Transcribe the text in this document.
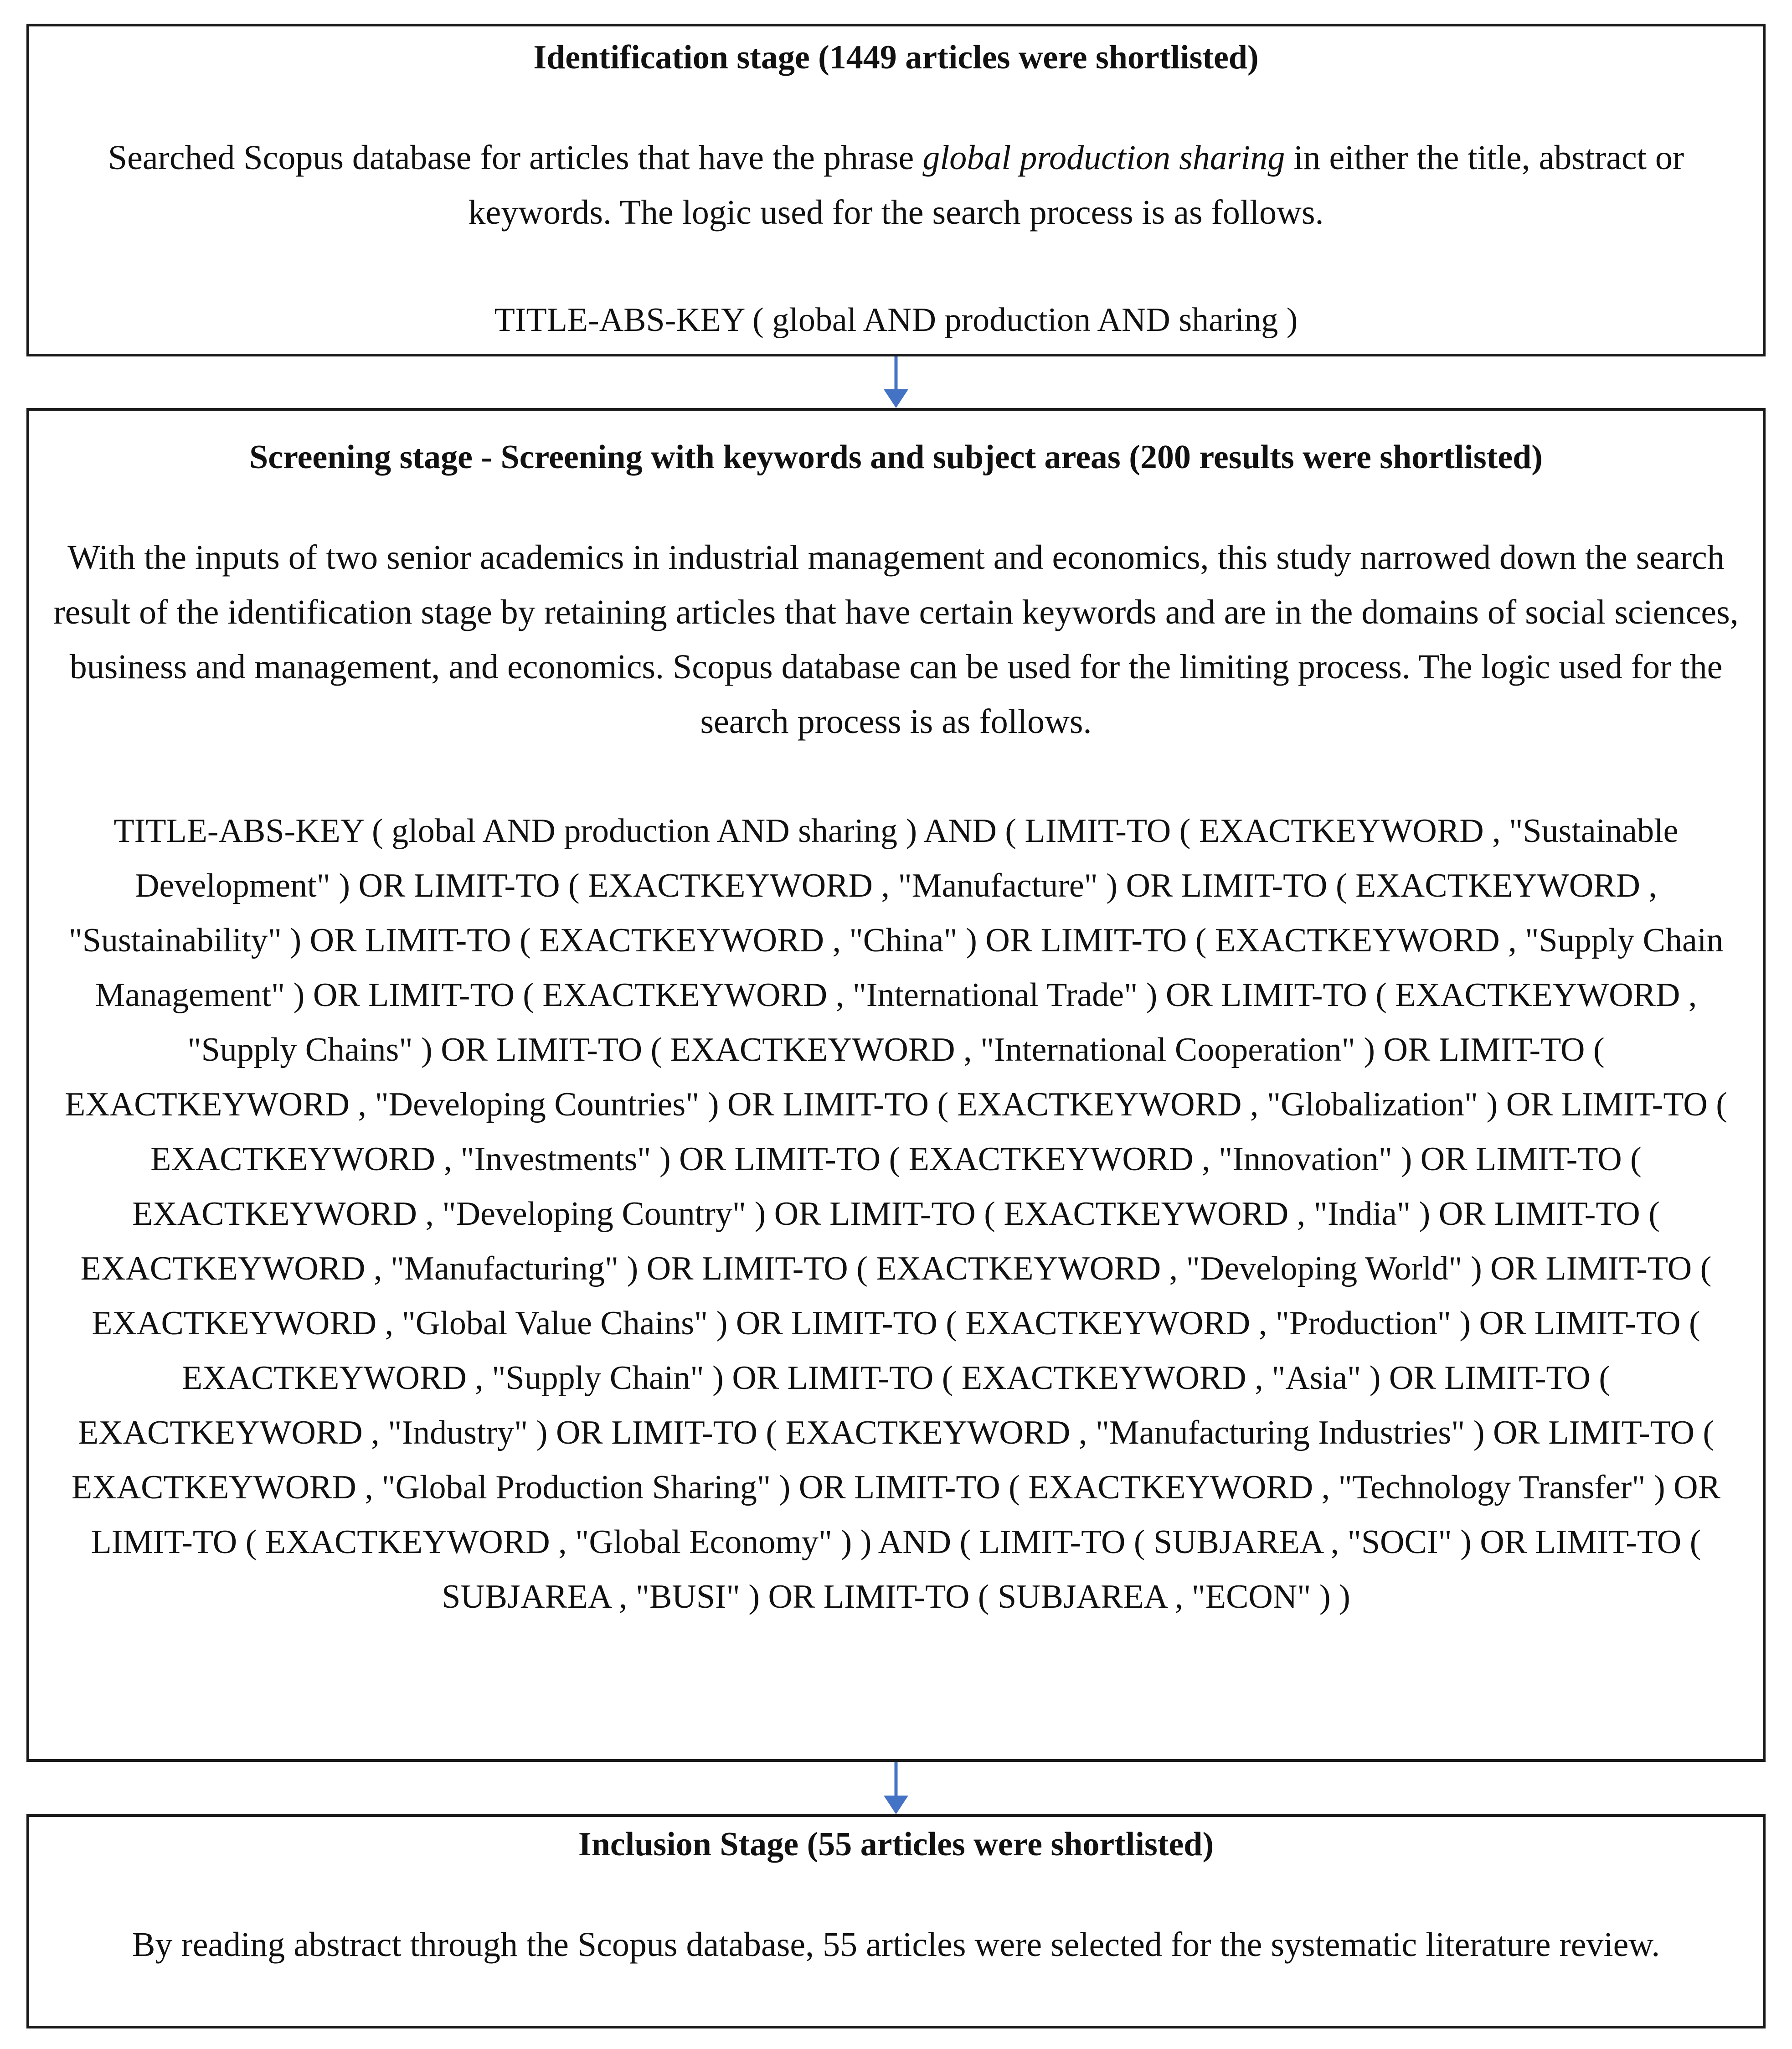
Identification stage (1449 articles were shortlisted)

Searched Scopus database for articles that have the phrase global production sharing in either the title, abstract or keywords. The logic used for the search process is as follows.

TITLE-ABS-KEY ( global AND production AND sharing )

Screening stage - Screening with keywords and subject areas (200 results were shortlisted)

With the inputs of two senior academics in industrial management and economics, this study narrowed down the search result of the identification stage by retaining articles that have certain keywords and are in the domains of social sciences, business and management, and economics. Scopus database can be used for the limiting process. The logic used for the search process is as follows.

TITLE-ABS-KEY ( global AND production AND sharing ) AND ( LIMIT-TO ( EXACTKEYWORD , "Sustainable Development" ) OR LIMIT-TO ( EXACTKEYWORD , "Manufacture" ) OR LIMIT-TO ( EXACTKEYWORD , "Sustainability" ) OR LIMIT-TO ( EXACTKEYWORD , "China" ) OR LIMIT-TO ( EXACTKEYWORD , "Supply Chain Management" ) OR LIMIT-TO ( EXACTKEYWORD , "International Trade" ) OR LIMIT-TO ( EXACTKEYWORD , "Supply Chains" ) OR LIMIT-TO ( EXACTKEYWORD , "International Cooperation" ) OR LIMIT-TO ( EXACTKEYWORD , "Developing Countries" ) OR LIMIT-TO ( EXACTKEYWORD , "Globalization" ) OR LIMIT-TO ( EXACTKEYWORD , "Investments" ) OR LIMIT-TO ( EXACTKEYWORD , "Innovation" ) OR LIMIT-TO ( EXACTKEYWORD , "Developing Country" ) OR LIMIT-TO ( EXACTKEYWORD , "India" ) OR LIMIT-TO ( EXACTKEYWORD , "Manufacturing" ) OR LIMIT-TO ( EXACTKEYWORD , "Developing World" ) OR LIMIT-TO ( EXACTKEYWORD , "Global Value Chains" ) OR LIMIT-TO ( EXACTKEYWORD , "Production" ) OR LIMIT-TO ( EXACTKEYWORD , "Supply Chain" ) OR LIMIT-TO ( EXACTKEYWORD , "Asia" ) OR LIMIT-TO ( EXACTKEYWORD , "Industry" ) OR LIMIT-TO ( EXACTKEYWORD , "Manufacturing Industries" ) OR LIMIT-TO ( EXACTKEYWORD , "Global Production Sharing" ) OR LIMIT-TO ( EXACTKEYWORD , "Technology Transfer" ) OR LIMIT-TO ( EXACTKEYWORD , "Global Economy" ) ) AND ( LIMIT-TO ( SUBJAREA , "SOCI" ) OR LIMIT-TO ( SUBJAREA , "BUSI" ) OR LIMIT-TO ( SUBJAREA , "ECON" ) )

Inclusion Stage (55 articles were shortlisted)

By reading abstract through the Scopus database, 55 articles were selected for the systematic literature review.
